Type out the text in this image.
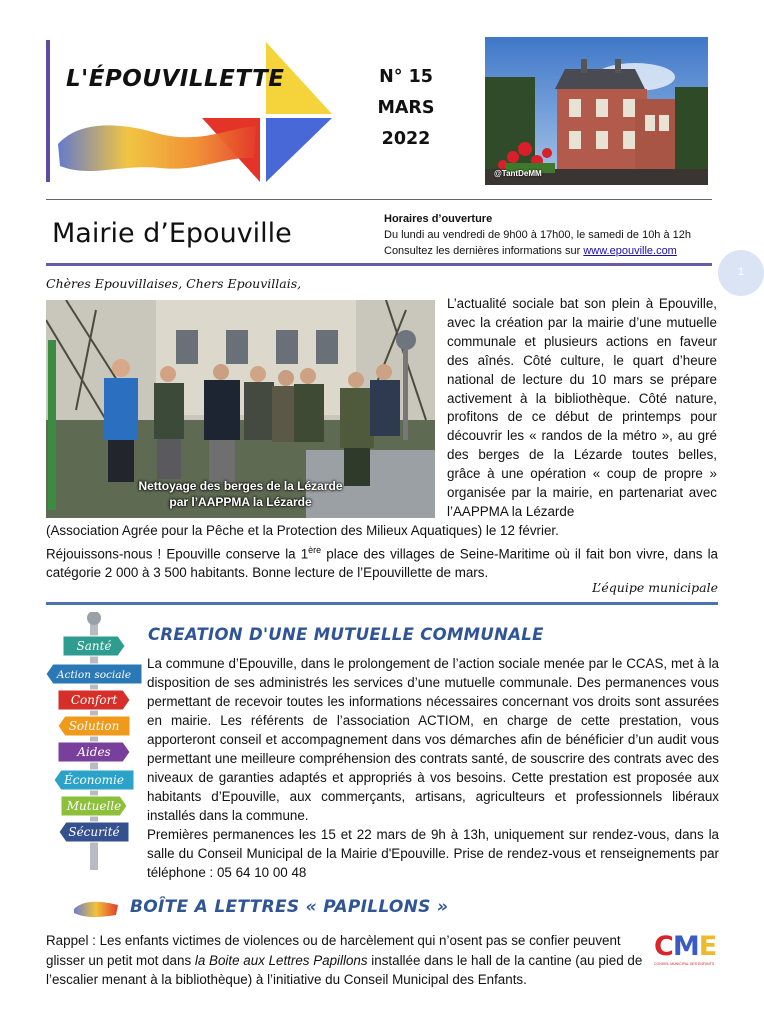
L'ÉPOUVILLETTE	N° 15
MARS
2022
@TantDeMM
Mairie d’Epouville	Horaires d’ouverture
Du lundi au vendredi de 9h00 à 17h00, le samedi de 10h à 12h
Consultez les dernières informations sur www.epouville.com
1
Chères Epouvillaises, Chers Epouvillais,
Nettoyage des berges de la Lézarde
par l’AAPPMA la Lézarde
L’actualité sociale bat son plein à Epouville, avec la création par la mairie d’une mutuelle communale et plusieurs actions en faveur des aînés. Côté culture, le quart d’heure national de lecture du 10 mars se prépare activement à la bibliothèque. Côté nature, profitons de ce début de printemps pour découvrir les « randos de la métro », au gré des berges de la Lézarde toutes belles, grâce à une opération « coup de propre » organisée par la mairie, en partenariat avec l’AAPPMA la Lézarde
(Association Agrée pour la Pêche et la Protection des Milieux Aquatiques) le 12 février.
Réjouissons-nous ! Epouville conserve la 1ère place des villages de Seine-Maritime où il fait bon vivre, dans la catégorie 2 000 à 3 500 habitants. Bonne lecture de l’Epouvillette de mars.
L’équipe municipale
Santé
Action sociale
Confort
Solution
Aides
Économie
Mutuelle
Sécurité
CREATION D'UNE MUTUELLE COMMUNALE
La commune d’Epouville, dans le prolongement de l’action sociale menée par le CCAS, met à la disposition de ses administrés les services d’une mutuelle communale. Des permanences vous permettant de recevoir toutes les informations nécessaires concernant vos droits sont assurées en mairie. Les référents de l’association ACTIOM, en charge de cette prestation, vous apporteront conseil et accompagnement dans vos démarches afin de bénéficier d’un audit vous permettant une meilleure compréhension des contrats santé, de souscrire des contrats avec des niveaux de garanties adaptés et appropriés à vos besoins. Cette prestation est proposée aux habitants d’Epouville, aux commerçants, artisans, agriculteurs et professionnels libéraux installés dans la commune.
Premières permanences les 15 et 22 mars de 9h à 13h, uniquement sur rendez-vous, dans la salle du Conseil Municipal de la Mairie d'Epouville. Prise de rendez-vous et renseignements par téléphone : 05 64 10 00 48
BOÎTE A LETTRES « PAPILLONS »
Rappel : Les enfants victimes de violences ou de harcèlement qui n’osent pas se confier peuvent glisser un petit mot dans la Boite aux Lettres Papillons installée dans le hall de la cantine (au pied de l’escalier menant à la bibliothèque) à l’initiative du Conseil Municipal des Enfants.
CME
CONSEIL MUNICIPAL DES ENFANTS
